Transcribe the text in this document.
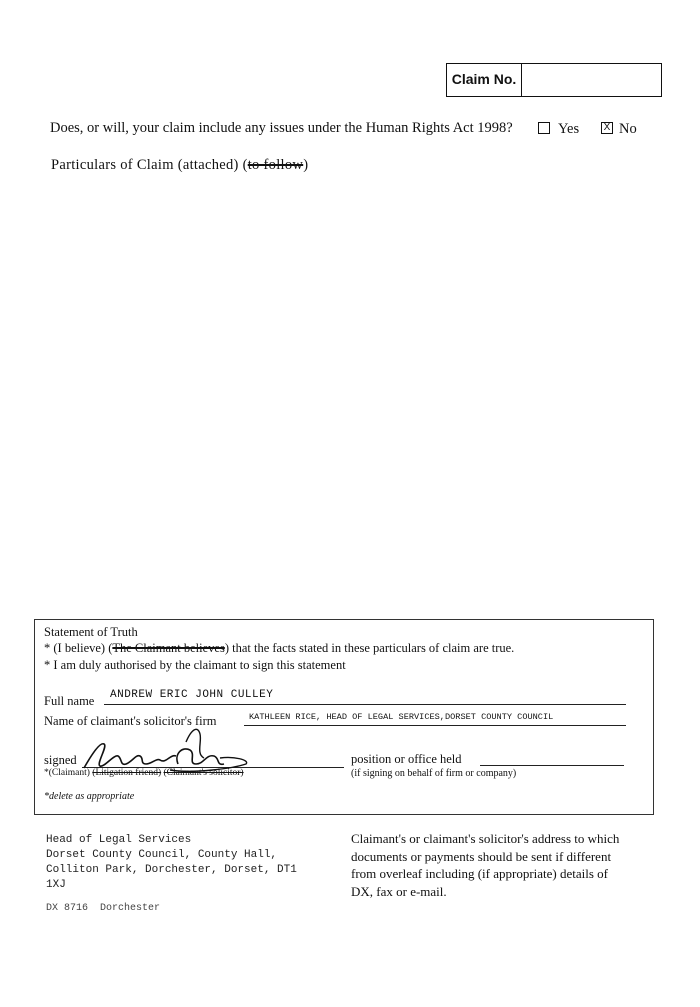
Claim No.
Does, or will, your claim include any issues under the Human Rights Act 1998?	Yes X No
Particulars of Claim (attached) (to follow)
Statement of Truth
* (I believe) (The Claimant believes) that the facts stated in these particulars of claim are true.
* I am duly authorised by the claimant to sign this statement
Full name ANDREW ERIC JOHN CULLEY
Name of claimant's solicitor's firm	KATHLEEN RICE, HEAD OF LEGAL SERVICES,DORSET COUNTY COUNCIL
signed
*(Claimant) (Litigation friend) (Claimant's solicitor)
position or office held
(if signing on behalf of firm or company)
*delete as appropriate
Head of Legal Services
Dorset County Council, County Hall,
Colliton Park, Dorchester, Dorset, DT1
1XJ
DX 8716 Dorchester
Claimant's or claimant's solicitor's address to which documents or payments should be sent if different from overleaf including (if appropriate) details of DX, fax or e-mail.
